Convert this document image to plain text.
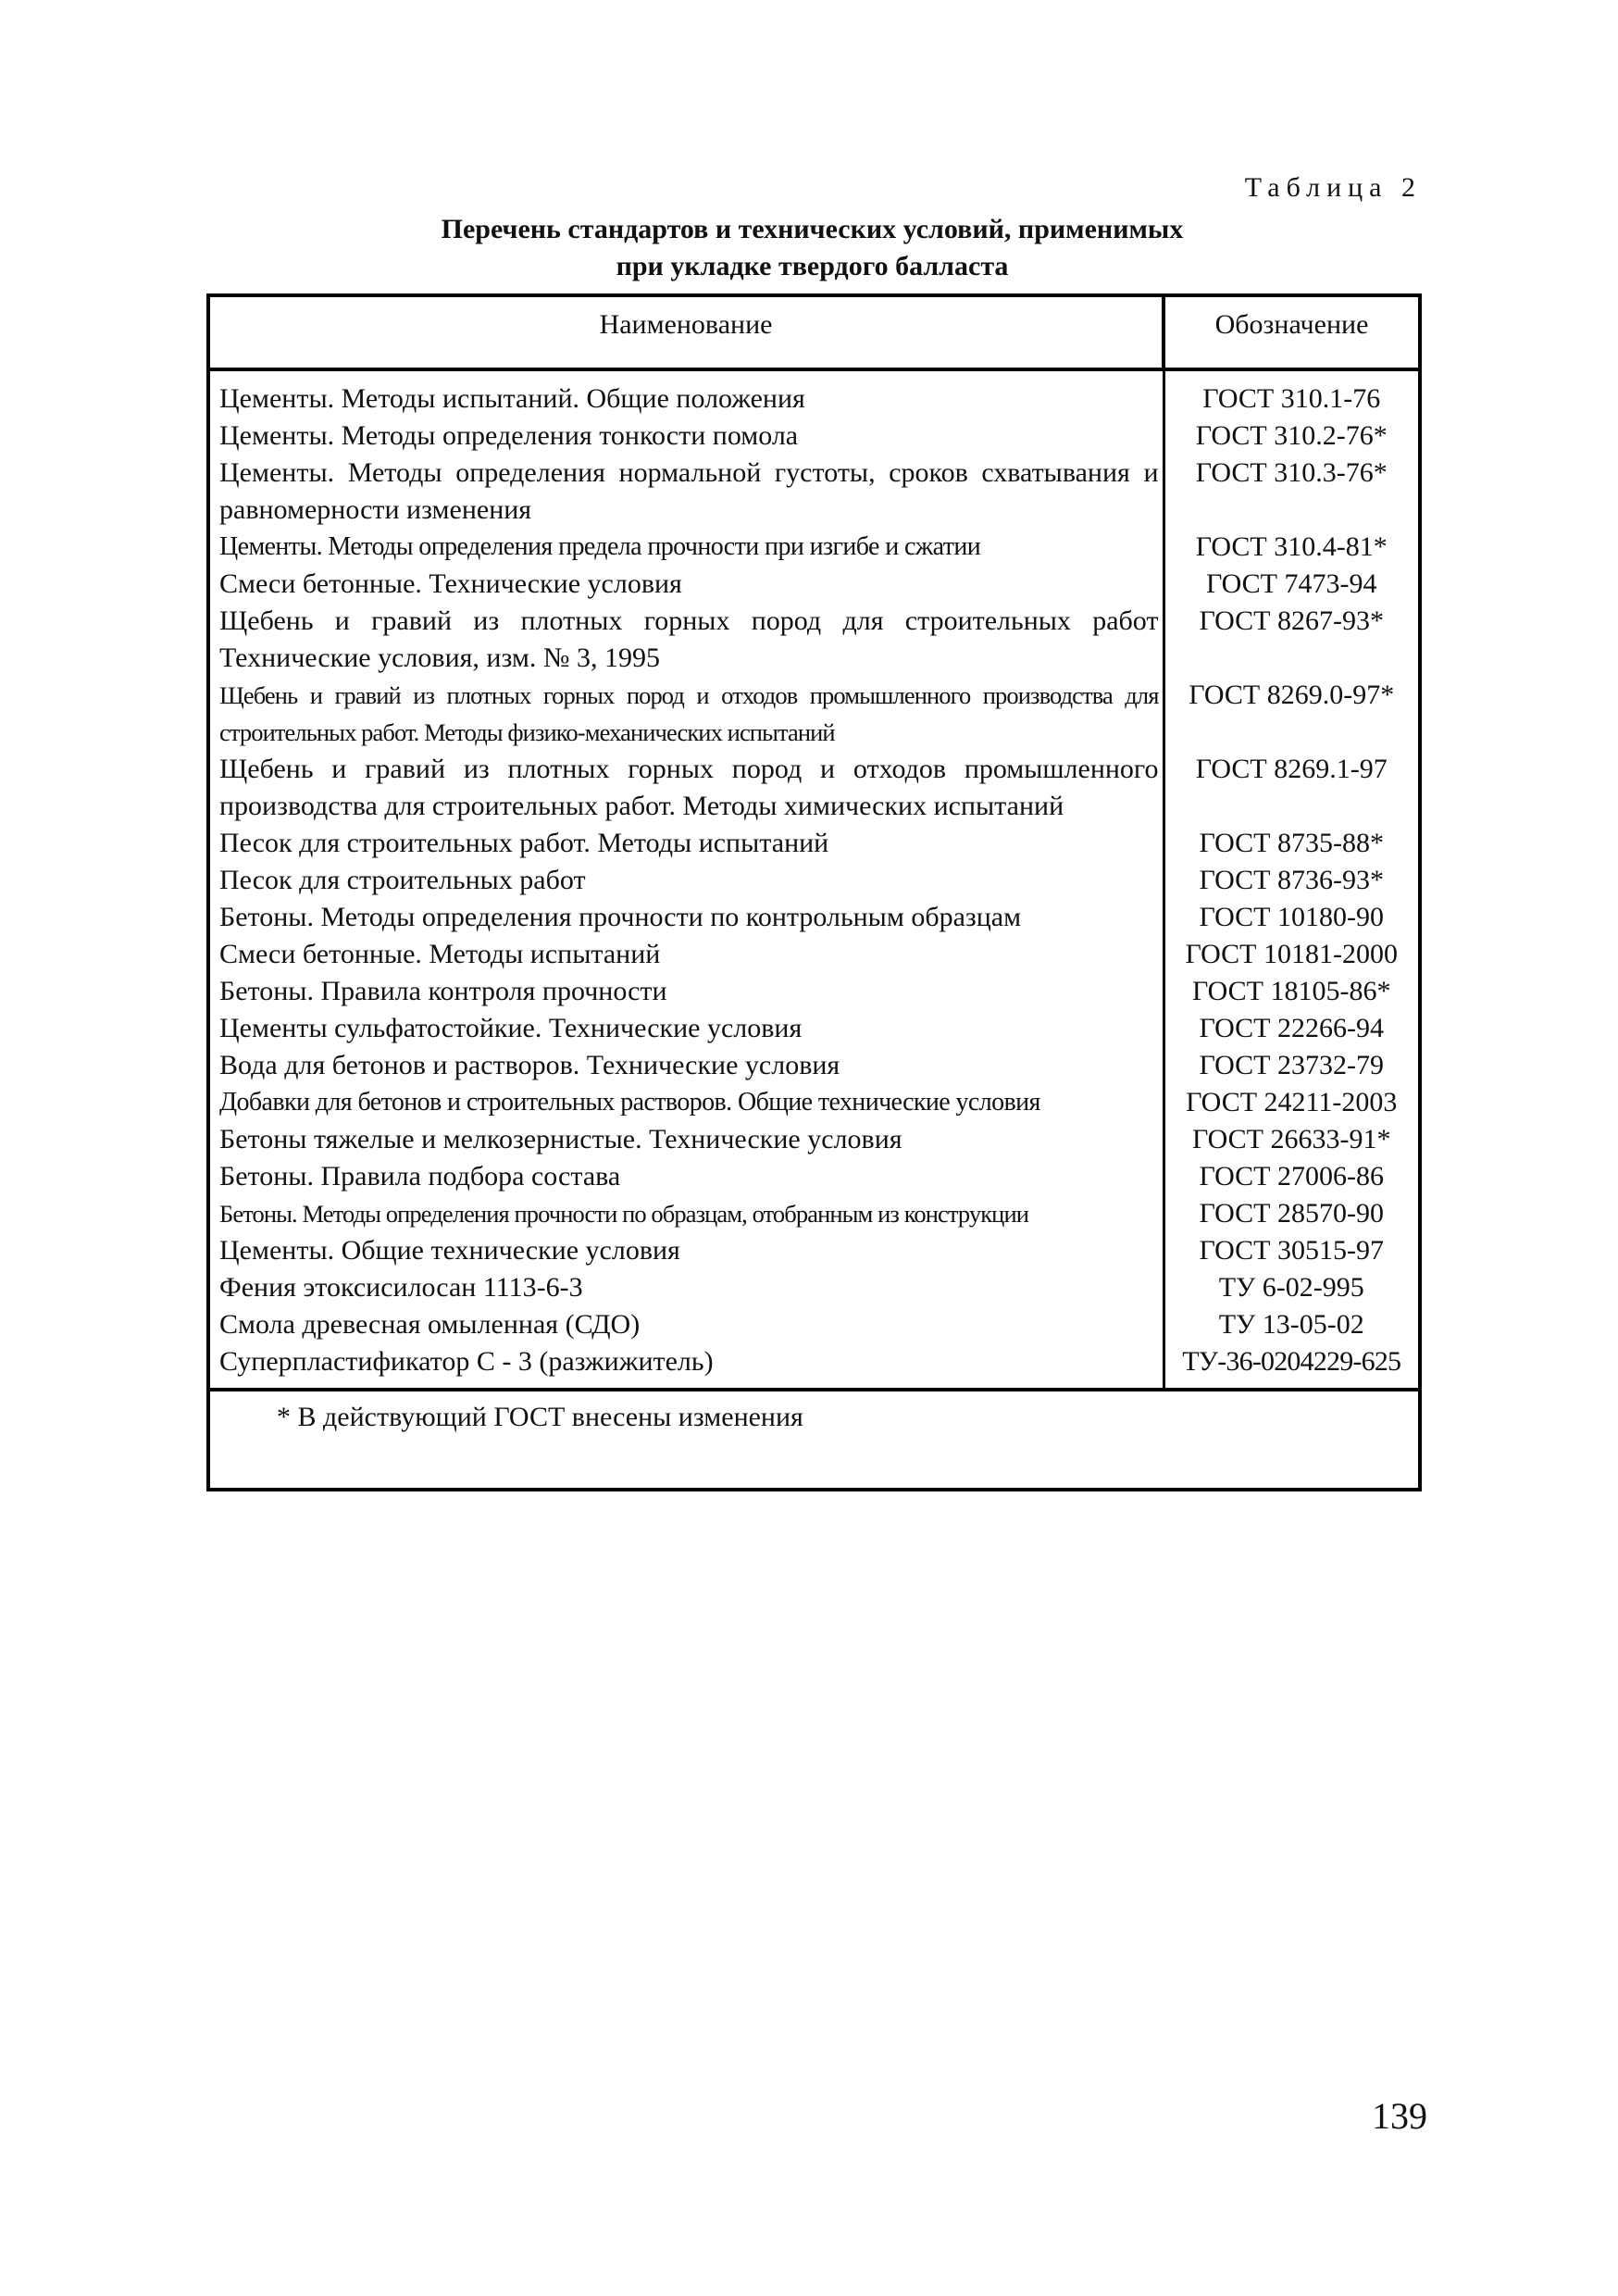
Таблица 2
Перечень стандартов и технических условий, применимых
при укладке твердого балласта
Наименование	Обозначение
Цементы. Методы испытаний. Общие положения	ГОСТ 310.1-76
Цементы. Методы определения тонкости помола	ГОСТ 310.2-76*
Цементы. Методы определения нормальной густоты, сроков схватывания и равномерности изменения	ГОСТ 310.3-76*
Цементы. Методы определения предела прочности при изгибе и сжатии	ГОСТ 310.4-81*
Смеси бетонные. Технические условия	ГОСТ 7473-94
Щебень и гравий из плотных горных пород для строительных работ Технические условия, изм. № 3, 1995	ГОСТ 8267-93*
Щебень и гравий из плотных горных пород и отходов промышленного производства для строительных работ. Методы физико-механических испытаний	ГОСТ 8269.0-97*
Щебень и гравий из плотных горных пород и отходов промышленного производства для строительных работ. Методы химических испытаний	ГОСТ 8269.1-97
Песок для строительных работ. Методы испытаний	ГОСТ 8735-88*
Песок для строительных работ	ГОСТ 8736-93*
Бетоны. Методы определения прочности по контрольным образцам	ГОСТ 10180-90
Смеси бетонные. Методы испытаний	ГОСТ 10181-2000
Бетоны. Правила контроля прочности	ГОСТ 18105-86*
Цементы сульфатостойкие. Технические условия	ГОСТ 22266-94
Вода для бетонов и растворов. Технические условия	ГОСТ 23732-79
Добавки для бетонов и строительных растворов. Общие технические условия	ГОСТ 24211-2003
Бетоны тяжелые и мелкозернистые. Технические условия	ГОСТ 26633-91*
Бетоны. Правила подбора состава	ГОСТ 27006-86
Бетоны. Методы определения прочности по образцам, отобранным из конструкции	ГОСТ 28570-90
Цементы. Общие технические условия	ГОСТ 30515-97
Фения этоксисилосан 1113-6-3	ТУ 6-02-995
Смола древесная омыленная (СДО)	ТУ 13-05-02
Суперпластификатор С - 3 (разжижитель)	ТУ-36-0204229-625
* В действующий ГОСТ внесены изменения	
139
